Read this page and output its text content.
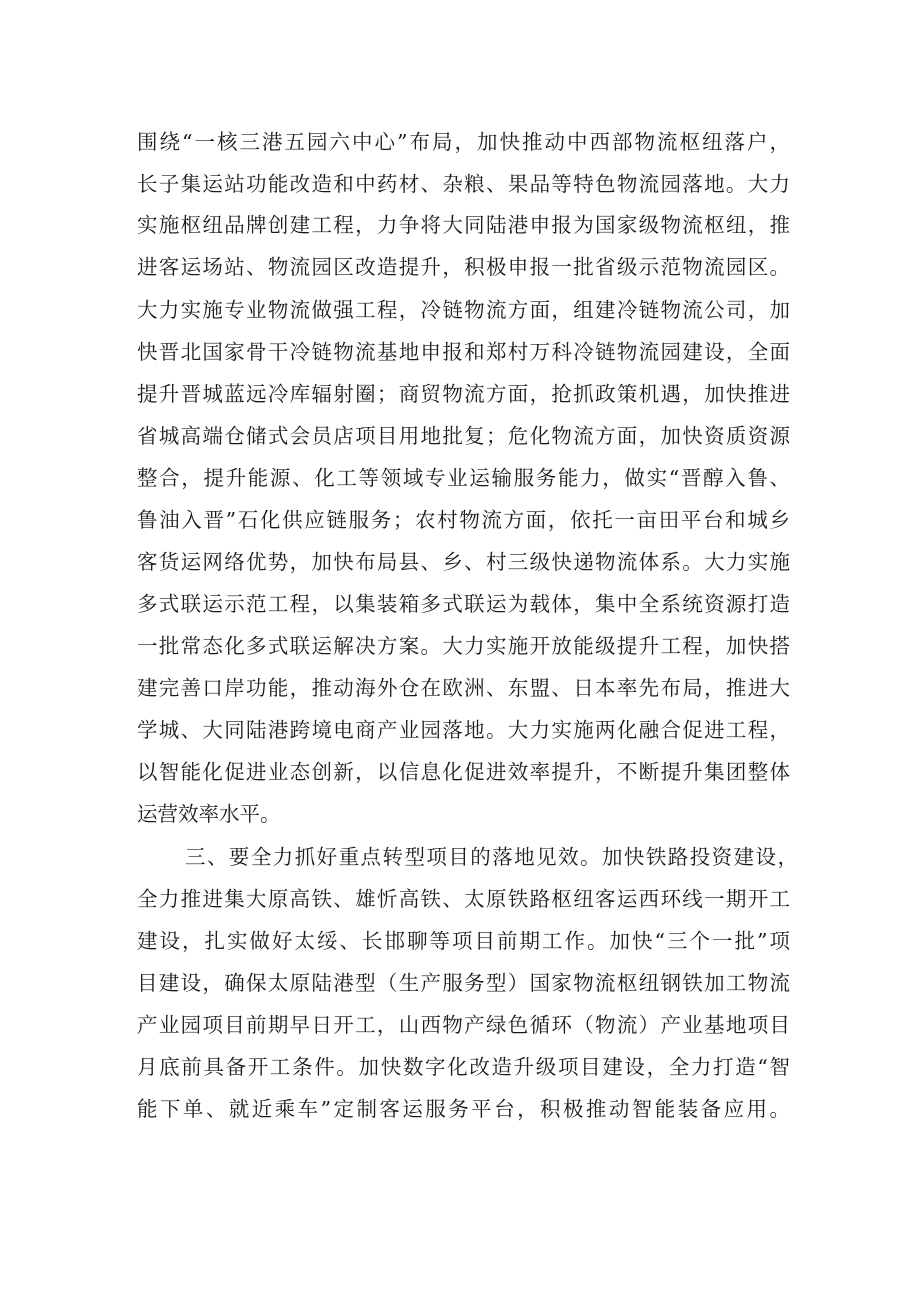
围绕“一核三港五园六中心”布局，加快推动中西部物流枢纽落户，
长子集运站功能改造和中药材、杂粮、果品等特色物流园落地。大力
实施枢纽品牌创建工程，力争将大同陆港申报为国家级物流枢纽，推
进客运场站、物流园区改造提升，积极申报一批省级示范物流园区。
大力实施专业物流做强工程，冷链物流方面，组建冷链物流公司，加
快晋北国家骨干冷链物流基地申报和郑村万科冷链物流园建设，全面
提升晋城蓝远冷库辐射圈；商贸物流方面，抢抓政策机遇，加快推进
省城高端仓储式会员店项目用地批复；危化物流方面，加快资质资源
整合，提升能源、化工等领域专业运输服务能力，做实“晋醇入鲁、
鲁油入晋”石化供应链服务；农村物流方面，依托一亩田平台和城乡
客货运网络优势，加快布局县、乡、村三级快递物流体系。大力实施
多式联运示范工程，以集装箱多式联运为载体，集中全系统资源打造
一批常态化多式联运解决方案。大力实施开放能级提升工程，加快搭
建完善口岸功能，推动海外仓在欧洲、东盟、日本率先布局，推进大
学城、大同陆港跨境电商产业园落地。大力实施两化融合促进工程，
以智能化促进业态创新，以信息化促进效率提升，不断提升集团整体
运营效率水平。
三、要全力抓好重点转型项目的落地见效。加快铁路投资建设，
全力推进集大原高铁、雄忻高铁、太原铁路枢纽客运西环线一期开工
建设，扎实做好太绥、长邯聊等项目前期工作。加快“三个一批”项
目建设，确保太原陆港型（生产服务型）国家物流枢纽钢铁加工物流
产业园项目前期早日开工，山西物产绿色循环（物流）产业基地项目
月底前具备开工条件。加快数字化改造升级项目建设，全力打造“智
能下单、就近乘车”定制客运服务平台，积极推动智能装备应用。
